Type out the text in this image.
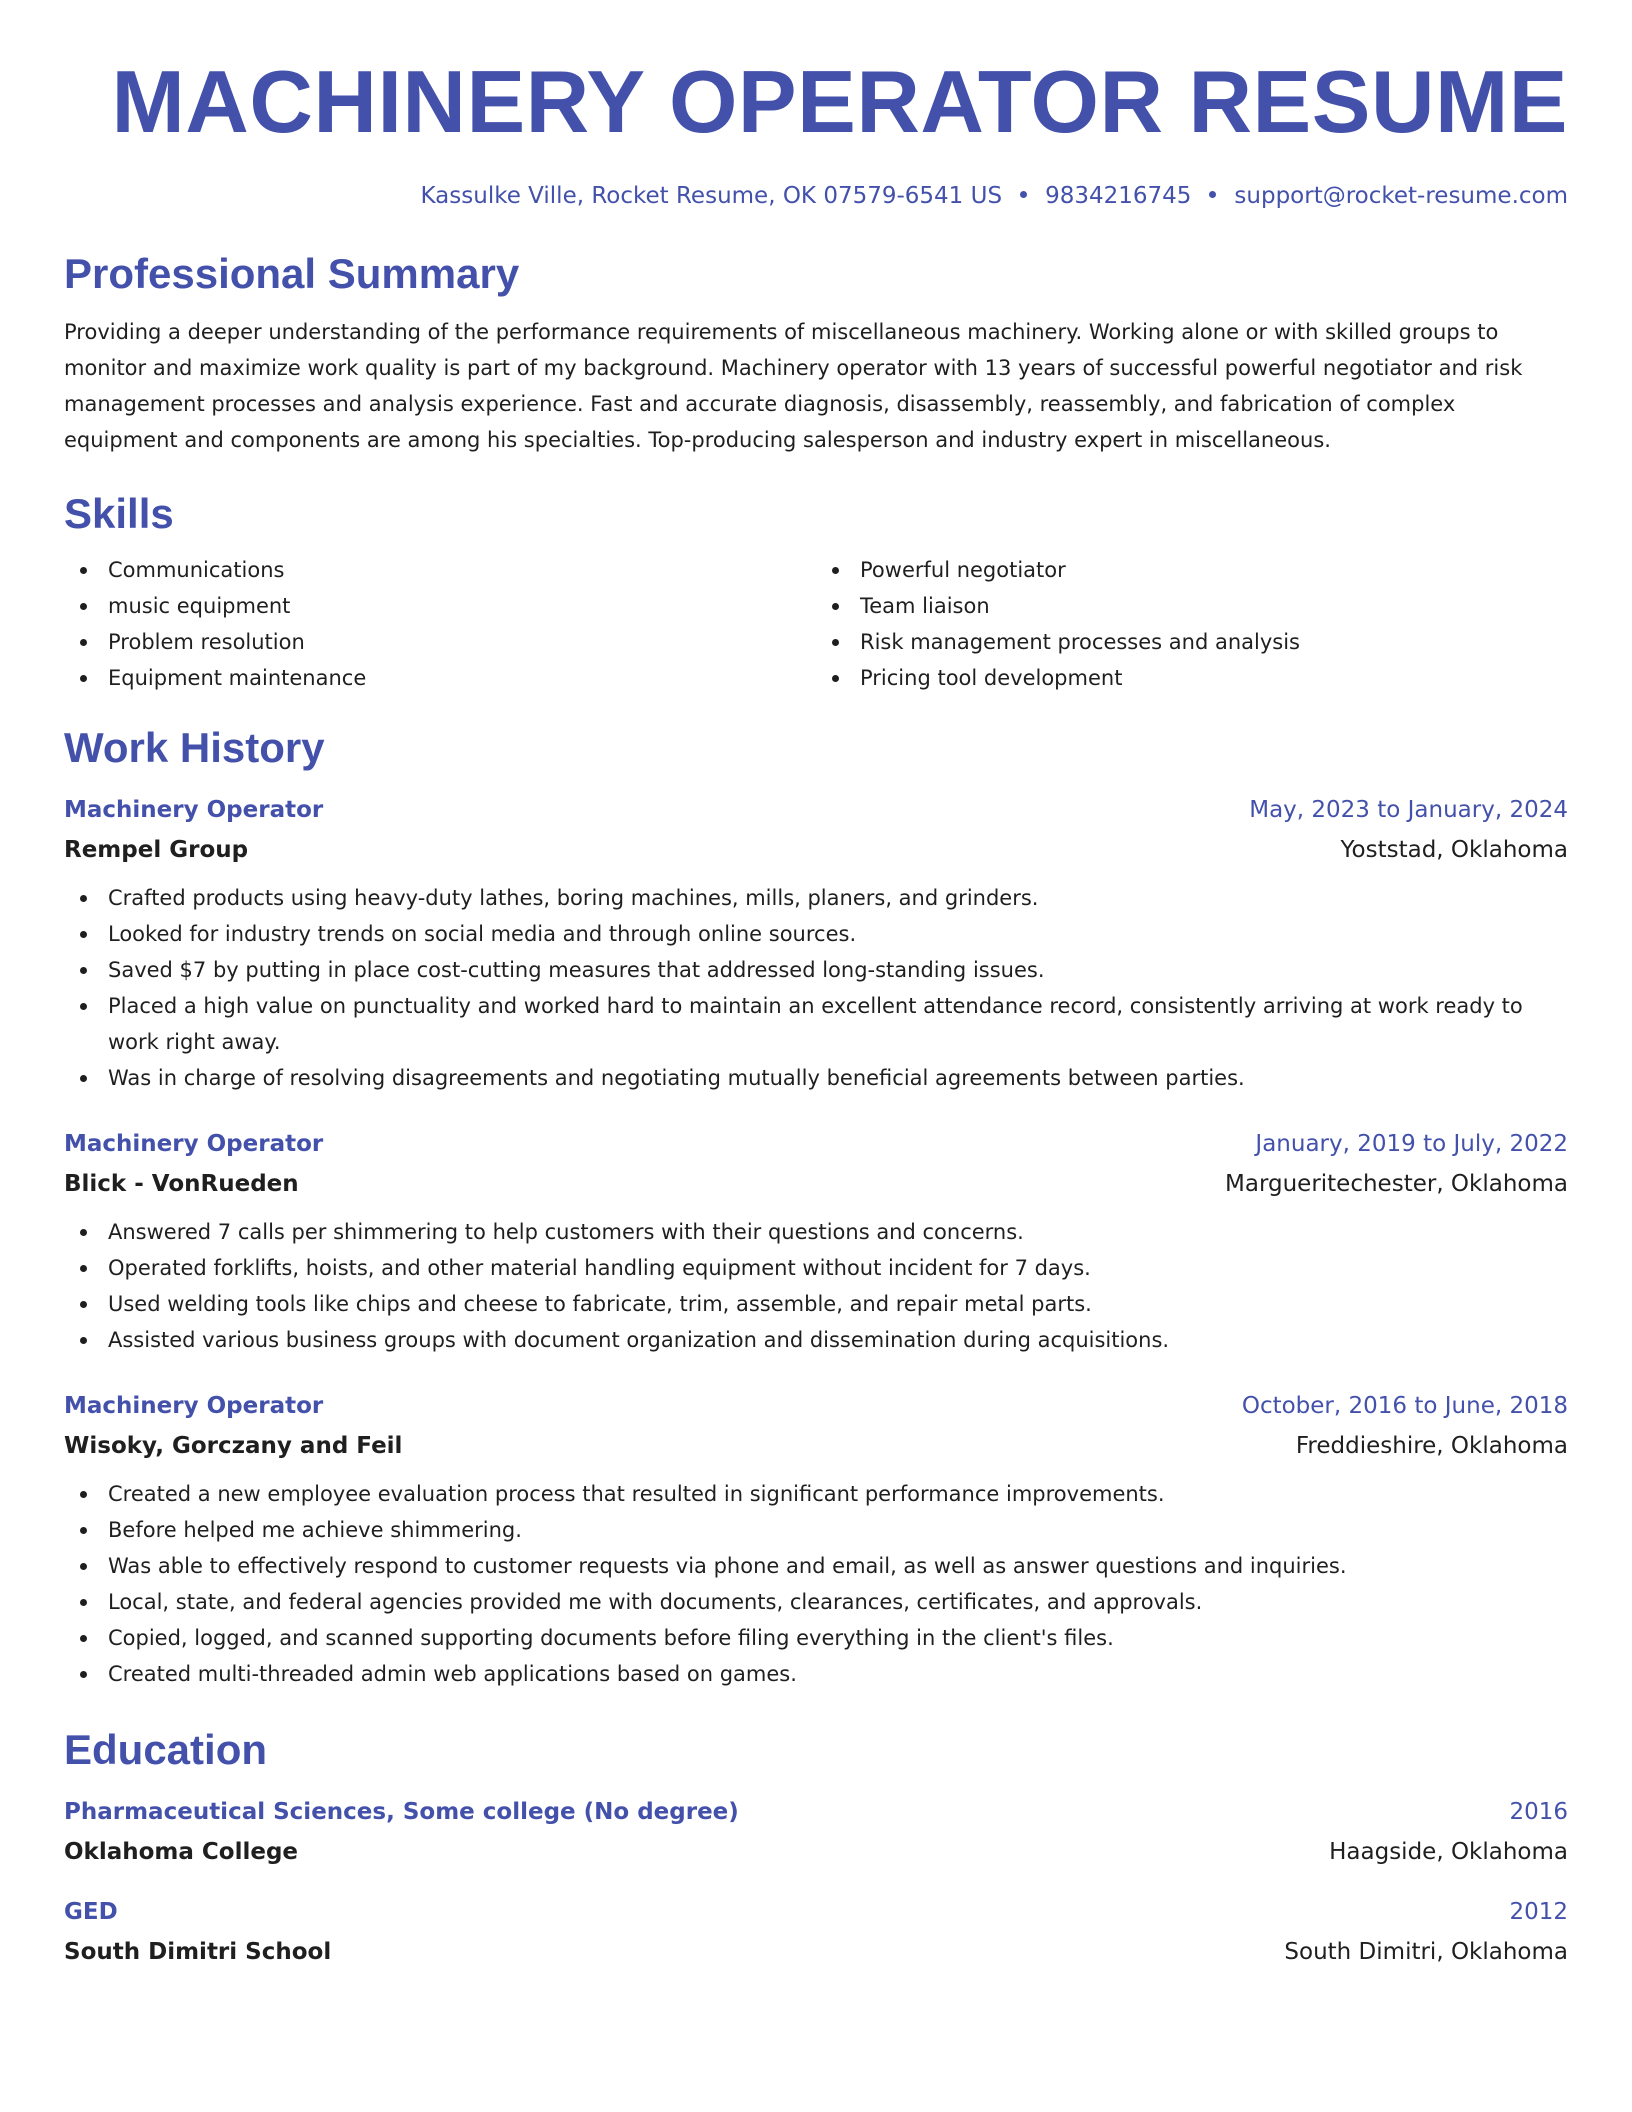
MACHINERY OPERATOR RESUME
Kassulke Ville, Rocket Resume, OK 07579-6541 US 9834216745 support@rocket-resume.com
Professional Summary

Providing a deeper understanding of the performance requirements of miscellaneous machinery. Working alone or with skilled groups to monitor and maximize work quality is part of my background. Machinery operator with 13 years of successful powerful negotiator and risk management processes and analysis experience. Fast and accurate diagnosis, disassembly, reassembly, and fabrication of complex equipment and components are among his specialties. Top-producing salesperson and industry expert in miscellaneous.

Skills
Communications
music equipment
Problem resolution
Equipment maintenance
Powerful negotiator
Team liaison
Risk management processes and analysis
Pricing tool development
Work History
Machinery Operator	May, 2023 to January, 2024
Rempel Group	Yoststad, Oklahoma
Crafted products using heavy-duty lathes, boring machines, mills, planers, and grinders.
Looked for industry trends on social media and through online sources.
Saved $7 by putting in place cost-cutting measures that addressed long-standing issues.
Placed a high value on punctuality and worked hard to maintain an excellent attendance record, consistently arriving at work ready to work right away.
Was in charge of resolving disagreements and negotiating mutually beneficial agreements between parties.
Machinery Operator	January, 2019 to July, 2022
Blick - VonRueden	Margueritechester, Oklahoma
Answered 7 calls per shimmering to help customers with their questions and concerns.
Operated forklifts, hoists, and other material handling equipment without incident for 7 days.
Used welding tools like chips and cheese to fabricate, trim, assemble, and repair metal parts.
Assisted various business groups with document organization and dissemination during acquisitions.
Machinery Operator	October, 2016 to June, 2018
Wisoky, Gorczany and Feil	Freddieshire, Oklahoma
Created a new employee evaluation process that resulted in significant performance improvements.
Before helped me achieve shimmering.
Was able to effectively respond to customer requests via phone and email, as well as answer questions and inquiries.
Local, state, and federal agencies provided me with documents, clearances, certificates, and approvals.
Copied, logged, and scanned supporting documents before filing everything in the client's files.
Created multi-threaded admin web applications based on games.
Education
Pharmaceutical Sciences, Some college (No degree)	2016
Oklahoma College	Haagside, Oklahoma
GED	2012
South Dimitri School	South Dimitri, Oklahoma
